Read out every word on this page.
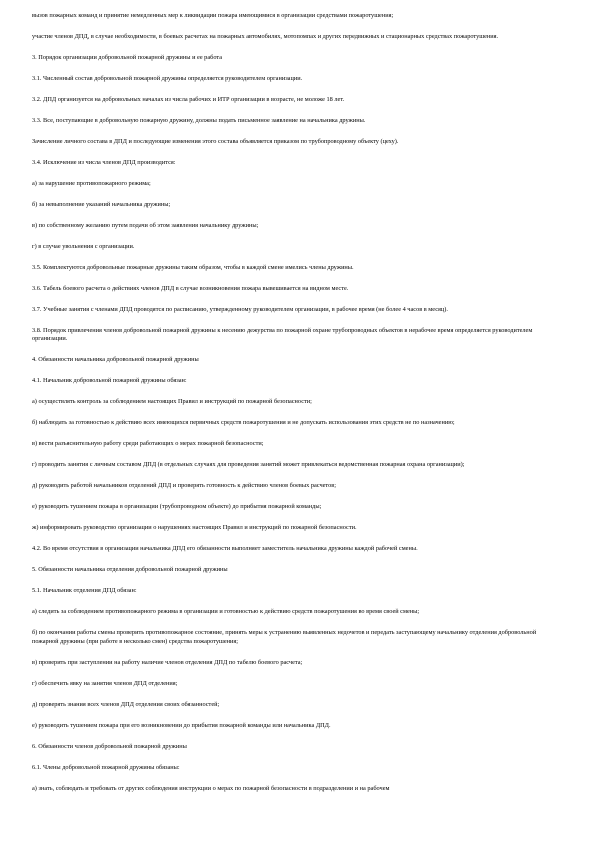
вызов пожарных команд и принятие немедленных мер к ликвидации пожара имеющимися в организации средствами пожаротушения;

участие членов ДПД, в случае необходимости, в боевых расчетах на пожарных автомобилях, мотопомпах и других передвижных и стационарных средствах пожаротушения.

3. Порядок организации добровольной пожарной дружины и ее работа

3.1. Численный состав добровольной пожарной дружины определяется руководителем организации.

3.2. ДПД организуется на добровольных началах из числа рабочих и ИТР организации в возрасте, не моложе 18 лет.

3.3. Все, поступающие в добровольную пожарную дружину, должны подать письменное заявление на начальника дружины.

Зачисление личного состава в ДПД и последующие изменения этого состава объявляется приказом по трубопроводному объекту (цеху).

3.4. Исключение из числа членов ДПД производится:

а) за нарушение противопожарного режима;

б) за невыполнение указаний начальника дружины;

в) по собственному желанию путем подачи об этом заявления начальнику дружины;

г) в случае увольнения с организации.

3.5. Комплектуются добровольные пожарные дружины таким образом, чтобы в каждой смене имелись члены дружины.

3.6. Табель боевого расчета о действиях членов ДПД в случае возникновения пожара вывешивается на видном месте.

3.7. Учебные занятия с членами ДПД проводятся по расписанию, утвержденному руководителем организации, в рабочее время (не более 4 часов в месяц).

3.8. Порядок привлечения членов добровольной пожарной дружины к несению дежурства по пожарной охране трубопроводных объектов в нерабочее время определяется руководителем организации.

4. Обязанности начальника добровольной пожарной дружины

4.1. Начальник добровольной пожарной дружины обязан:

а) осуществлять контроль за соблюдением настоящих Правил и инструкций по пожарной безопасности;

б) наблюдать за готовностью к действию всех имеющихся первичных средств пожаротушения и не допускать использования этих средств не по назначению;

в) вести разъяснительную работу среди работающих о мерах пожарной безопасности;

г) проводить занятия с личным составом ДПД (в отдельных случаях для проведения занятий может привлекаться ведомственная пожарная охрана организации);

д) руководить работой начальников отделений ДПД и проверять готовность к действию членов боевых расчетов;

е) руководить тушением пожара в организации (трубопроводном объекте) до прибытия пожарной команды;

ж) информировать руководство организации о нарушениях настоящих Правил и инструкций по пожарной безопасности.

4.2. Во время отсутствия в организации начальника ДПД его обязанности выполняет заместитель начальника дружины каждой рабочей смены.

5. Обязанности начальника отделения добровольной пожарной дружины

5.1. Начальник отделения ДПД обязан:

а) следить за соблюдением противопожарного режима в организации и готовностью к действию средств пожаротушения во время своей смены;

б) по окончании работы смены проверить противопожарное состояние, принять меры к устранению выявленных недочетов и передать заступающему начальнику отделения добровольной пожарной дружины (при работе в несколько смен) средства пожаротушения;

в) проверить при заступлении на работу наличие членов отделения ДПД по табелю боевого расчета;

г) обеспечить явку на занятия членов ДПД отделения;

д) проверять знания всех членов ДПД отделения своих обязанностей;

е) руководить тушением пожара при его возникновении до прибытия пожарной команды или начальника ДПД.

6. Обязанности членов добровольной пожарной дружины

6.1. Члены добровольной пожарной дружины обязаны:

а) знать, соблюдать и требовать от других соблюдения инструкции о мерах по пожарной безопасности в подразделении и на рабочем
